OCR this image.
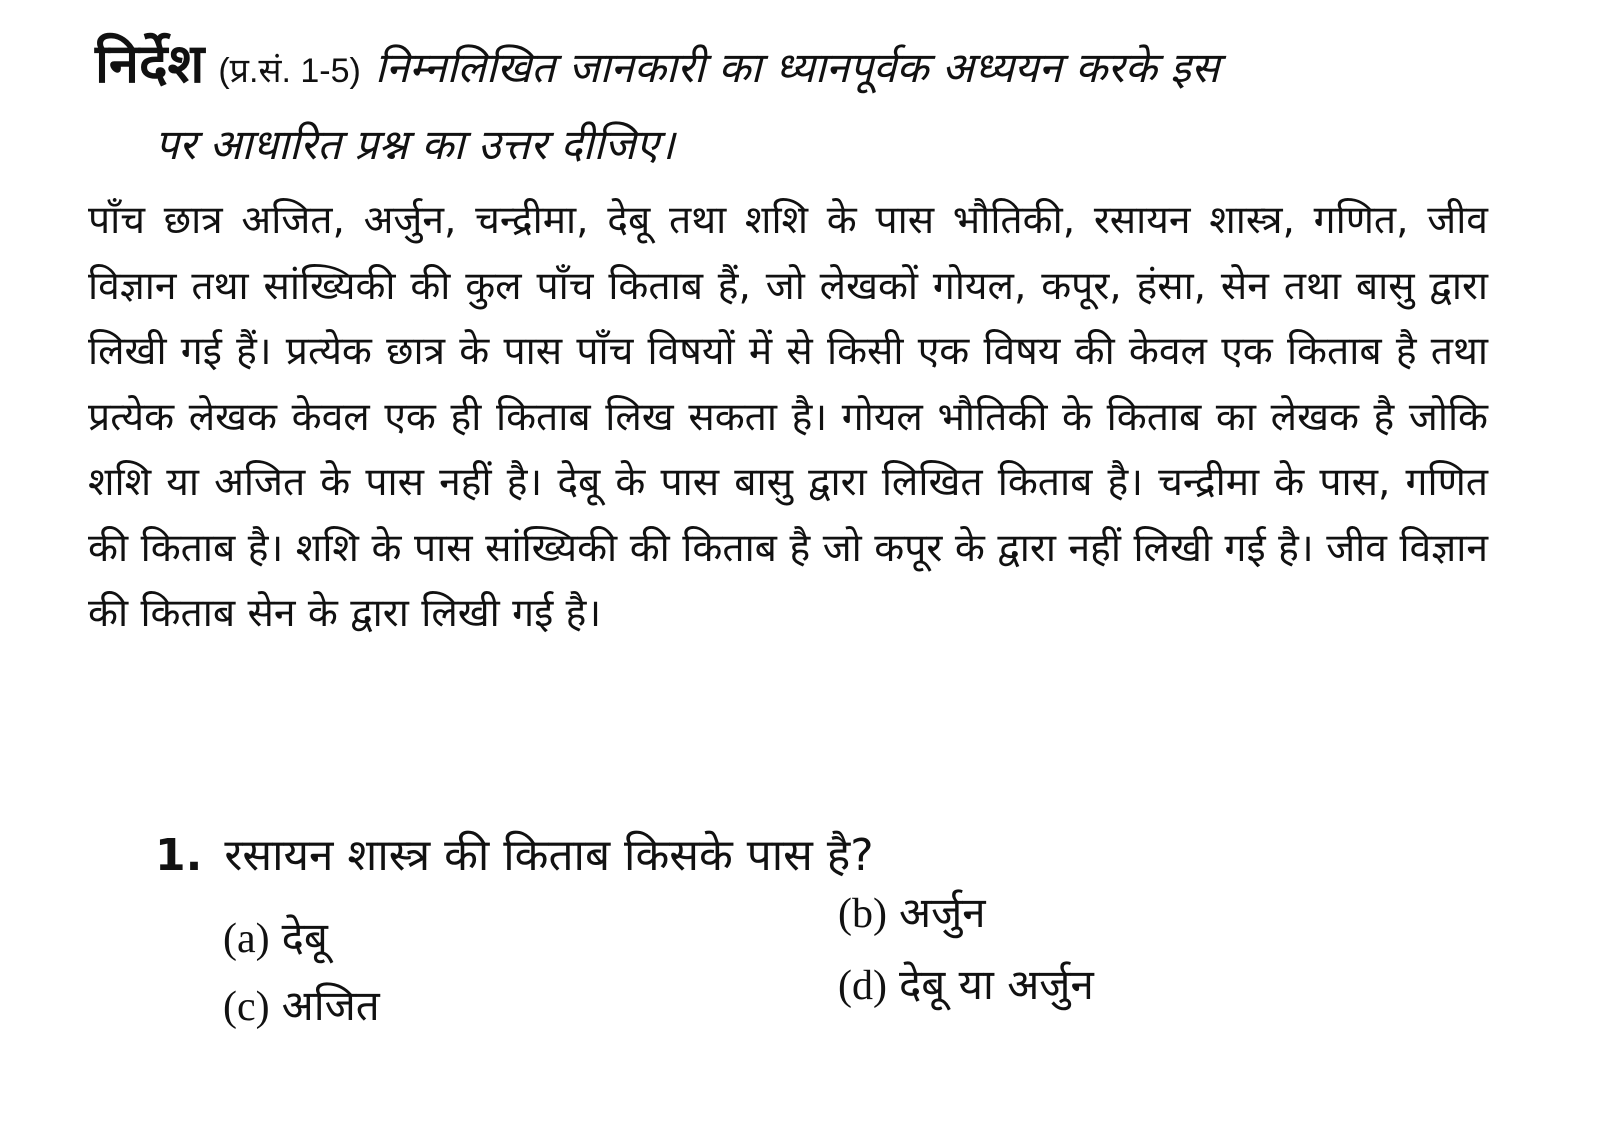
निर्देश (प्र.सं. 1-5) निम्नलिखित जानकारी का ध्यानपूर्वक अध्ययन करके इस
पर आधारित प्रश्न का उत्तर दीजिए।

पाँच छात्र अजित, अर्जुन, चन्द्रीमा, देबू तथा शशि के पास भौतिकी, रसायन शास्त्र, गणित, जीव विज्ञान तथा सांख्यिकी की कुल पाँच किताब हैं, जो लेखकों गोयल, कपूर, हंसा, सेन तथा बासु द्वारा लिखी गई हैं। प्रत्येक छात्र के पास पाँच विषयों में से किसी एक विषय की केवल एक किताब है तथा प्रत्येक लेखक केवल एक ही किताब लिख सकता है। गोयल भौतिकी के किताब का लेखक है जोकि शशि या अजित के पास नहीं है। देबू के पास बासु द्वारा लिखित किताब है। चन्द्रीमा के पास, गणित की किताब है। शशि के पास सांख्यिकी की किताब है जो कपूर के द्वारा नहीं लिखी गई है। जीव विज्ञान की किताब सेन के द्वारा लिखी गई है।

1. रसायन शास्त्र की किताब किसके पास है?
(a) देबू	(b) अर्जुन
(c) अजित	(d) देबू या अर्जुन
